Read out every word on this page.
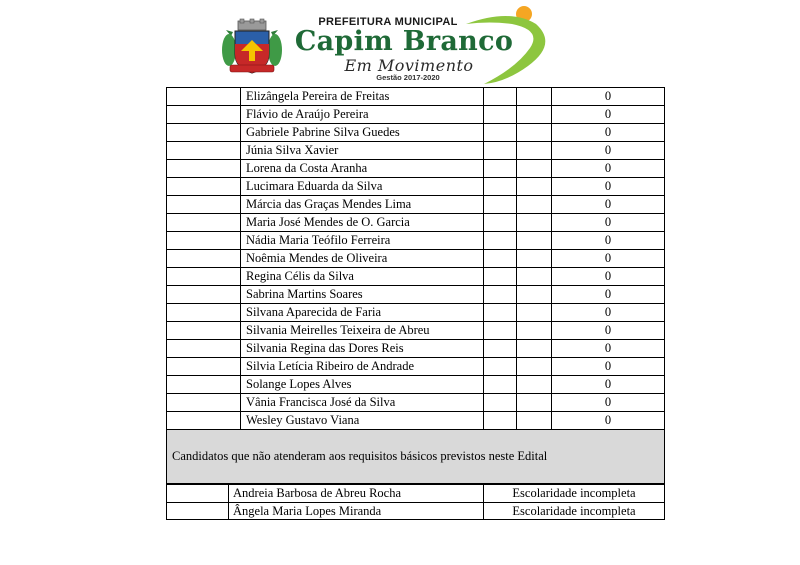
PREFEITURA MUNICIPAL
Capim Branco
Em Movimento
Gestão 2017-2020
Elizângela Pereira de Freitas	0
Flávio de Araújo Pereira	0
Gabriele Pabrine Silva Guedes	0
Júnia Silva Xavier	0
Lorena da Costa Aranha	0
Lucimara Eduarda da Silva	0
Márcia das Graças Mendes Lima	0
Maria José Mendes de O. Garcia	0
Nádia Maria Teófilo Ferreira	0
Noêmia Mendes de Oliveira	0
Regina Célis da Silva	0
Sabrina Martins Soares	0
Silvana Aparecida de Faria	0
Silvania Meirelles Teixeira de Abreu	0
Silvania Regina das Dores Reis	0
Silvia Letícia Ribeiro de Andrade	0
Solange Lopes Alves	0
Vânia Francisca José da Silva	0
Wesley Gustavo Viana	0
Candidatos que não atenderam aos requisitos básicos previstos neste Edital
Andreia Barbosa de Abreu Rocha	Escolaridade incompleta
Ângela Maria Lopes Miranda	Escolaridade incompleta
